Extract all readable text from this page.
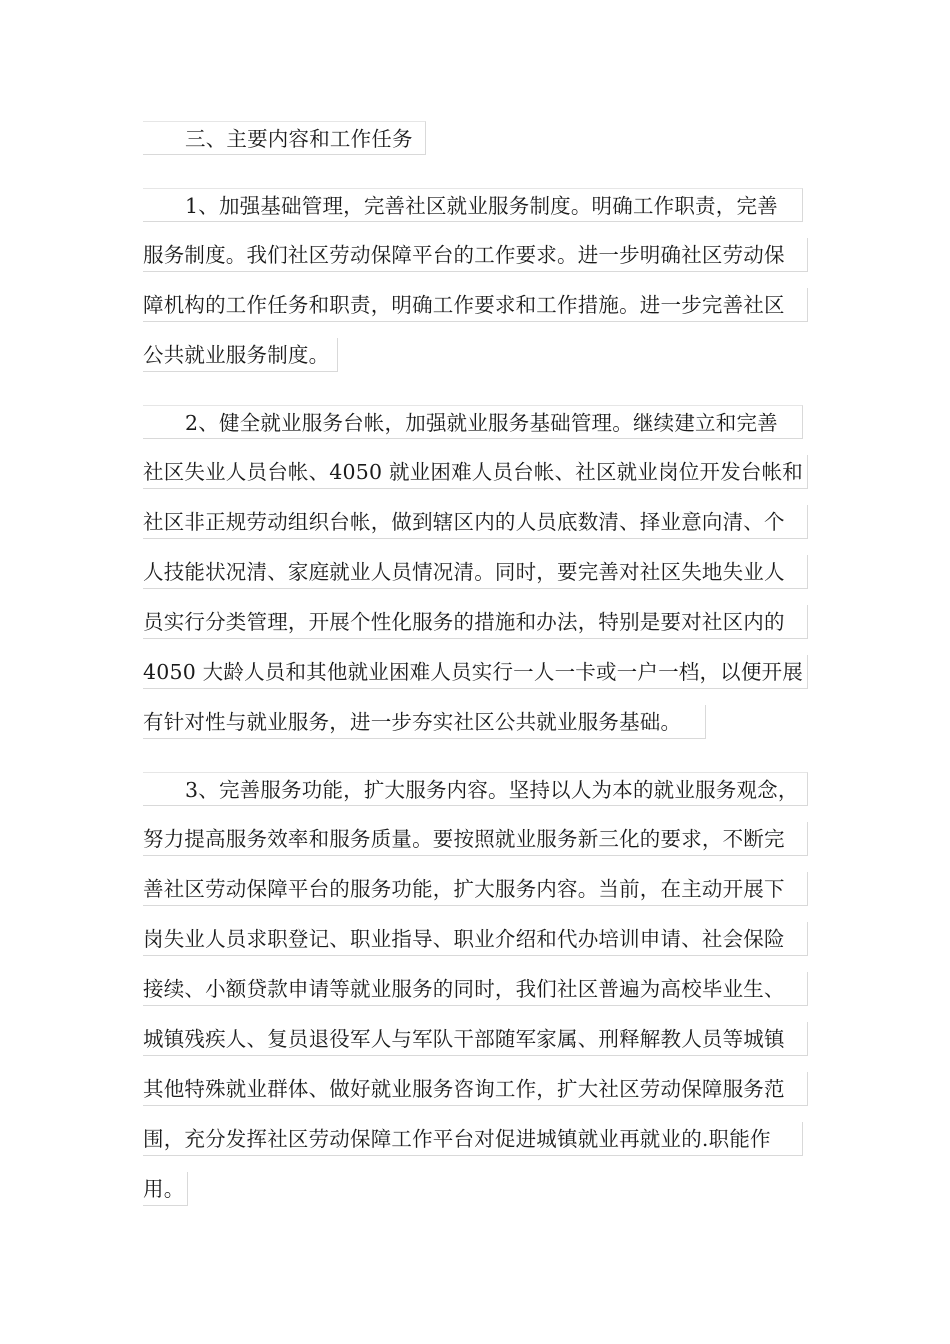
三、主要内容和工作任务
1、加强基础管理，完善社区就业服务制度。明确工作职责，完善
服务制度。我们社区劳动保障平台的工作要求。进一步明确社区劳动保
障机构的工作任务和职责，明确工作要求和工作措施。进一步完善社区
公共就业服务制度。
2、健全就业服务台帐，加强就业服务基础管理。继续建立和完善
社区失业人员台帐、4050 就业困难人员台帐、社区就业岗位开发台帐和
社区非正规劳动组织台帐，做到辖区内的人员底数清、择业意向清、个
人技能状况清、家庭就业人员情况清。同时，要完善对社区失地失业人
员实行分类管理，开展个性化服务的措施和办法，特别是要对社区内的
4050 大龄人员和其他就业困难人员实行一人一卡或一户一档，以便开展
有针对性与就业服务，进一步夯实社区公共就业服务基础。
3、完善服务功能，扩大服务内容。坚持以人为本的就业服务观念，
努力提高服务效率和服务质量。要按照就业服务新三化的要求，不断完
善社区劳动保障平台的服务功能，扩大服务内容。当前，在主动开展下
岗失业人员求职登记、职业指导、职业介绍和代办培训申请、社会保险
接续、小额贷款申请等就业服务的同时，我们社区普遍为高校毕业生、
城镇残疾人、复员退役军人与军队干部随军家属、刑释解教人员等城镇
其他特殊就业群体、做好就业服务咨询工作，扩大社区劳动保障服务范
围，充分发挥社区劳动保障工作平台对促进城镇就业再就业的.职能作
用。
